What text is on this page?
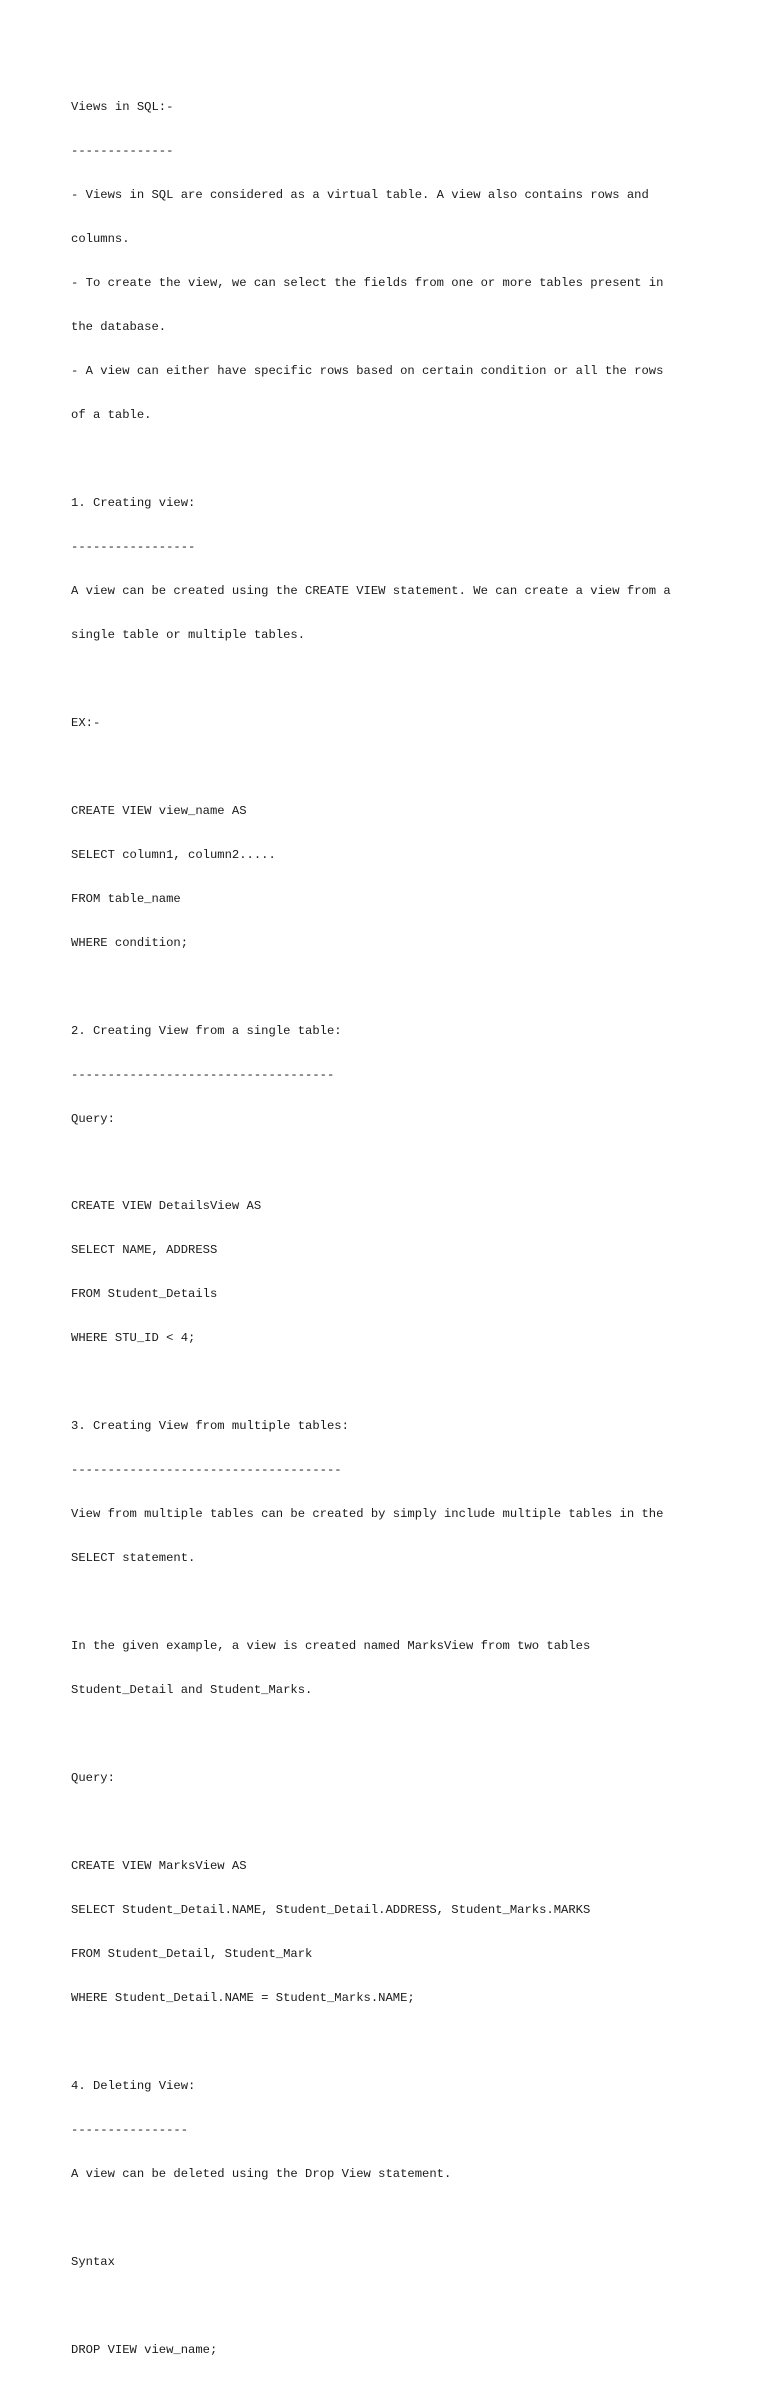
Views in SQL:-

--------------

- Views in SQL are considered as a virtual table. A view also contains rows and

columns.

- To create the view, we can select the fields from one or more tables present in

the database.

- A view can either have specific rows based on certain condition or all the rows

of a table.

1. Creating view:

-----------------

A view can be created using the CREATE VIEW statement. We can create a view from a

single table or multiple tables.

EX:-

CREATE VIEW view_name AS

SELECT column1, column2.....

FROM table_name

WHERE condition;

2. Creating View from a single table:

------------------------------------

Query:

CREATE VIEW DetailsView AS

SELECT NAME, ADDRESS

FROM Student_Details

WHERE STU_ID < 4;

3. Creating View from multiple tables:

-------------------------------------

View from multiple tables can be created by simply include multiple tables in the

SELECT statement.

In the given example, a view is created named MarksView from two tables

Student_Detail and Student_Marks.

Query:

CREATE VIEW MarksView AS

SELECT Student_Detail.NAME, Student_Detail.ADDRESS, Student_Marks.MARKS

FROM Student_Detail, Student_Mark

WHERE Student_Detail.NAME = Student_Marks.NAME;

4. Deleting View:

----------------

A view can be deleted using the Drop View statement.

Syntax

DROP VIEW view_name;
